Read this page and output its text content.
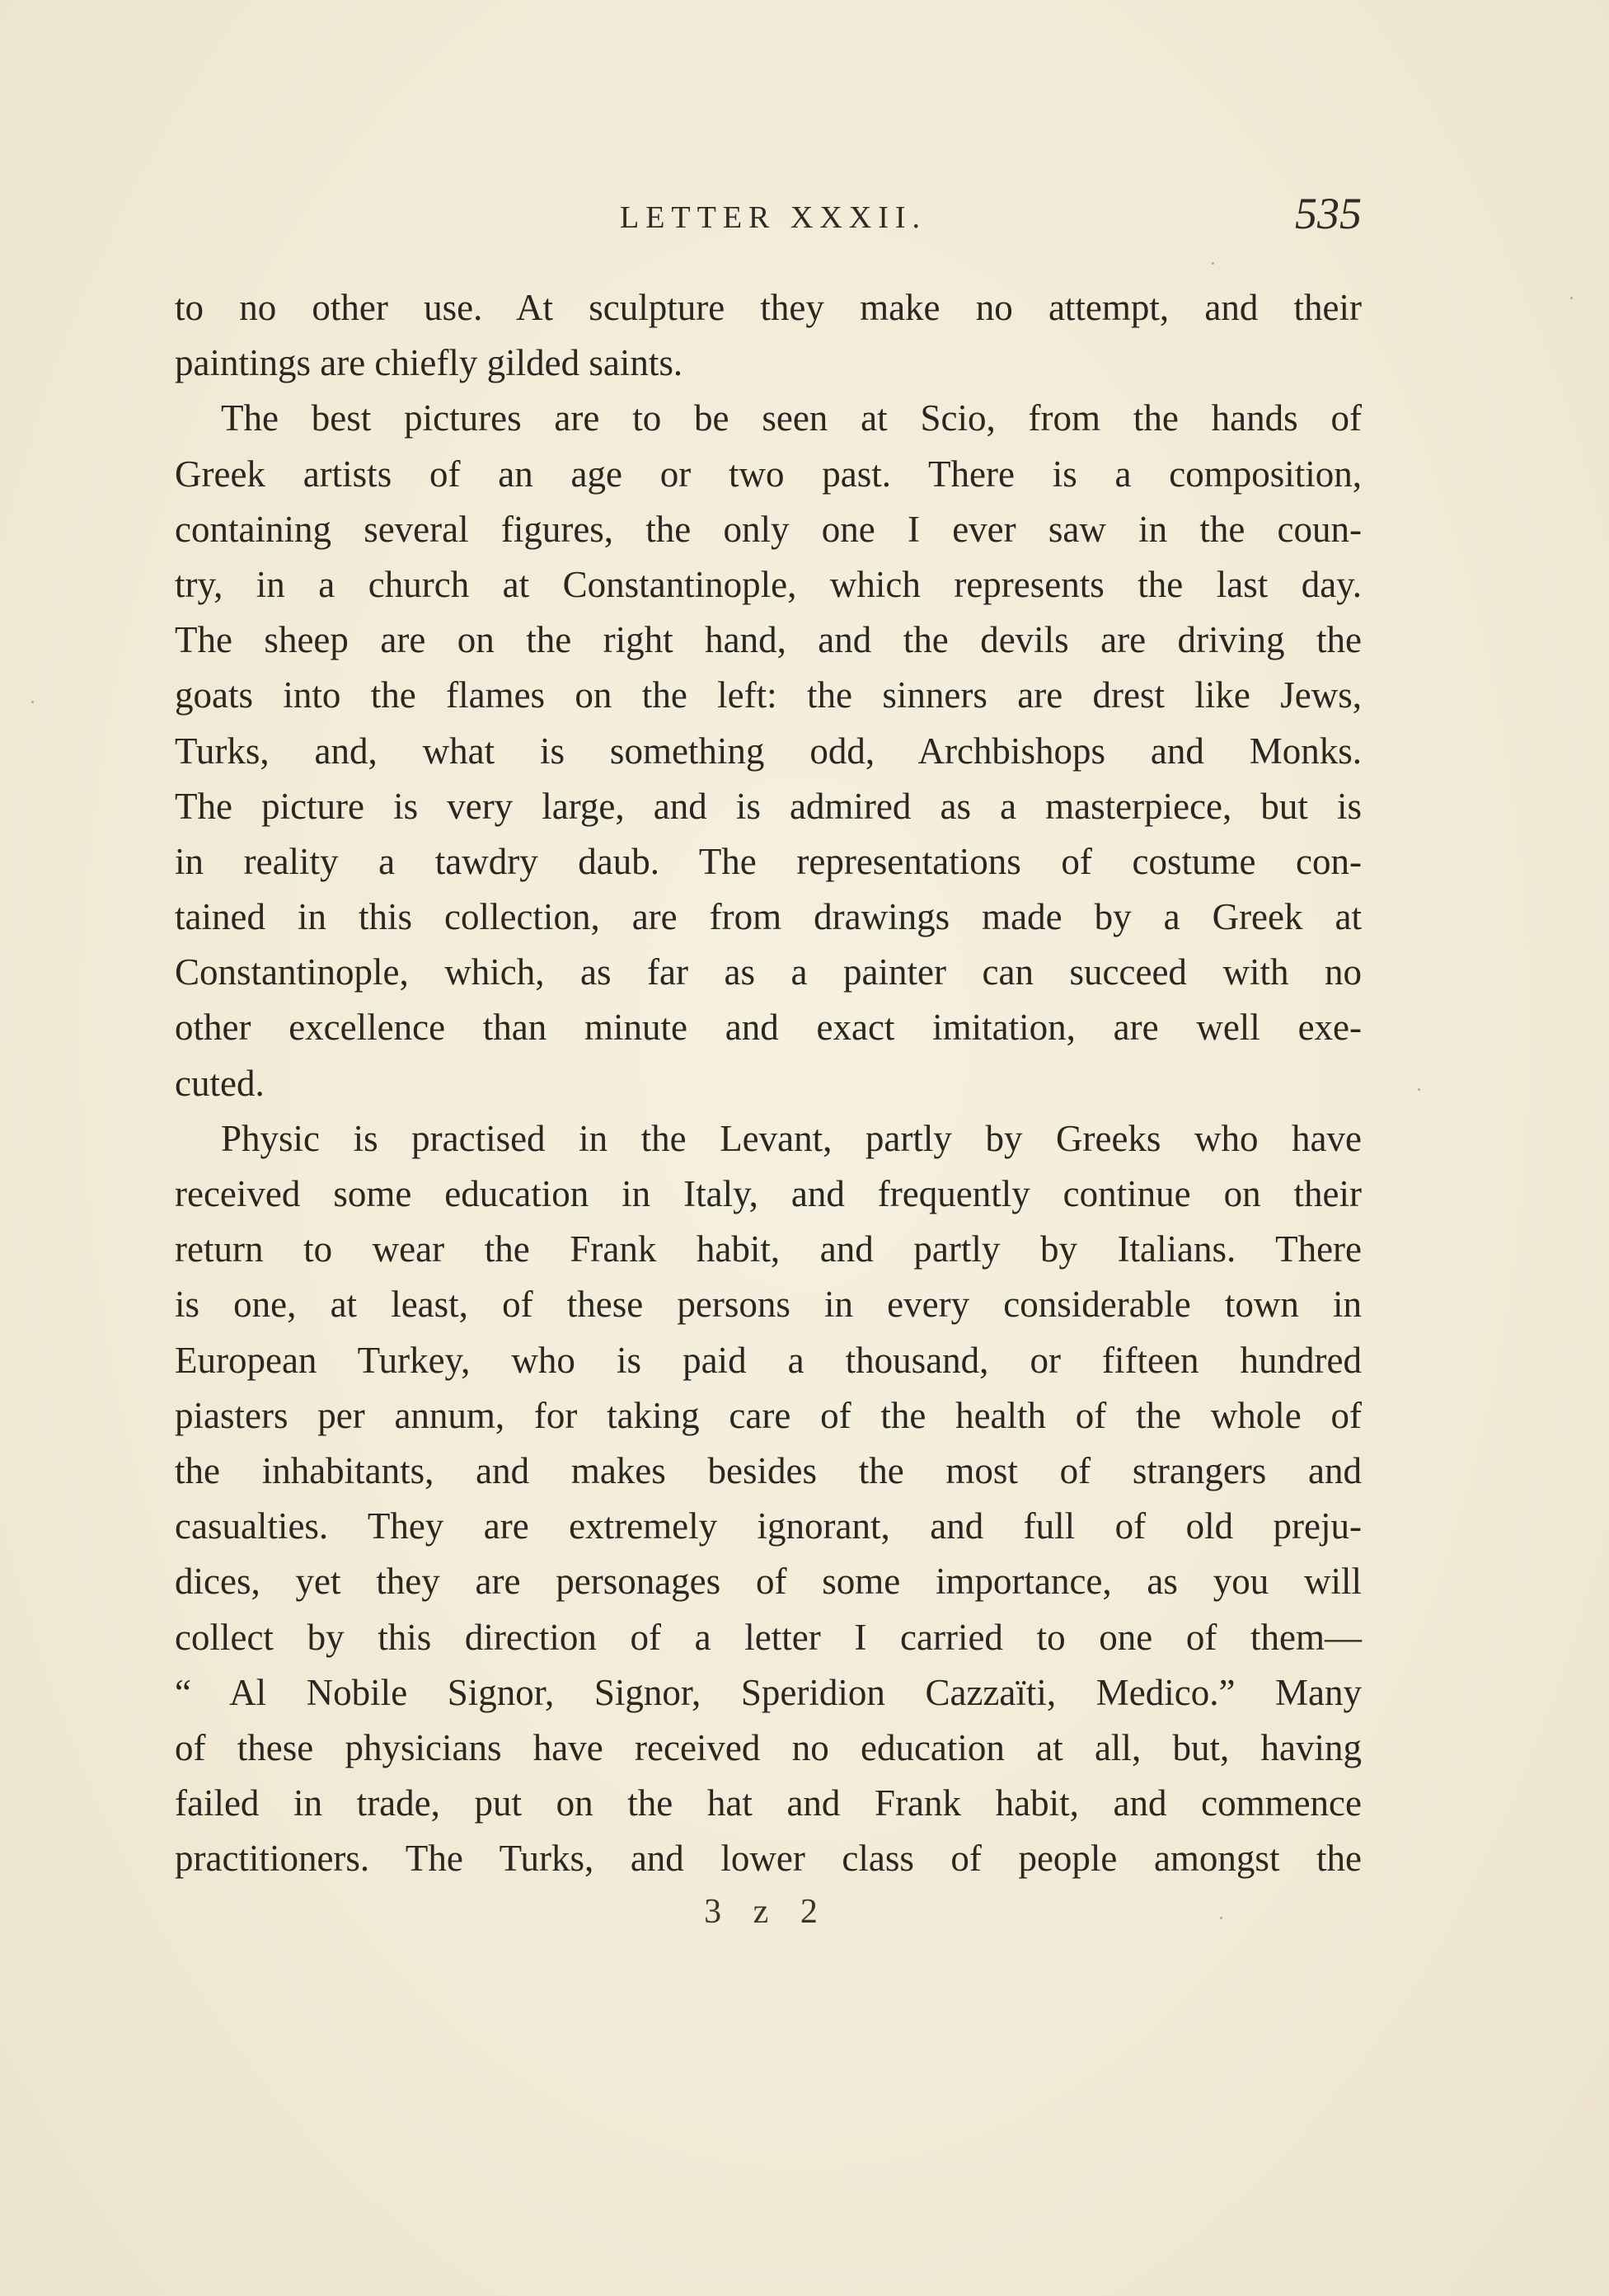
LETTER XXXII.	535
to no other use. At sculpture they make no attempt, and their
paintings are chiefly gilded saints.
The best pictures are to be seen at Scio, from the hands of
Greek artists of an age or two past. There is a composition,
containing several figures, the only one I ever saw in the coun-
try, in a church at Constantinople, which represents the last day.
The sheep are on the right hand, and the devils are driving the
goats into the flames on the left: the sinners are drest like Jews,
Turks, and, what is something odd, Archbishops and Monks.
The picture is very large, and is admired as a masterpiece, but is
in reality a tawdry daub. The representations of costume con-
tained in this collection, are from drawings made by a Greek at
Constantinople, which, as far as a painter can succeed with no
other excellence than minute and exact imitation, are well exe-
cuted.
Physic is practised in the Levant, partly by Greeks who have
received some education in Italy, and frequently continue on their
return to wear the Frank habit, and partly by Italians. There
is one, at least, of these persons in every considerable town in
European Turkey, who is paid a thousand, or fifteen hundred
piasters per annum, for taking care of the health of the whole of
the inhabitants, and makes besides the most of strangers and
casualties. They are extremely ignorant, and full of old preju-
dices, yet they are personages of some importance, as you will
collect by this direction of a letter I carried to one of them—
“ Al Nobile Signor, Signor, Speridion Cazzaïti, Medico.” Many
of these physicians have received no education at all, but, having
failed in trade, put on the hat and Frank habit, and commence
practitioners. The Turks, and lower class of people amongst the
3 z 2
